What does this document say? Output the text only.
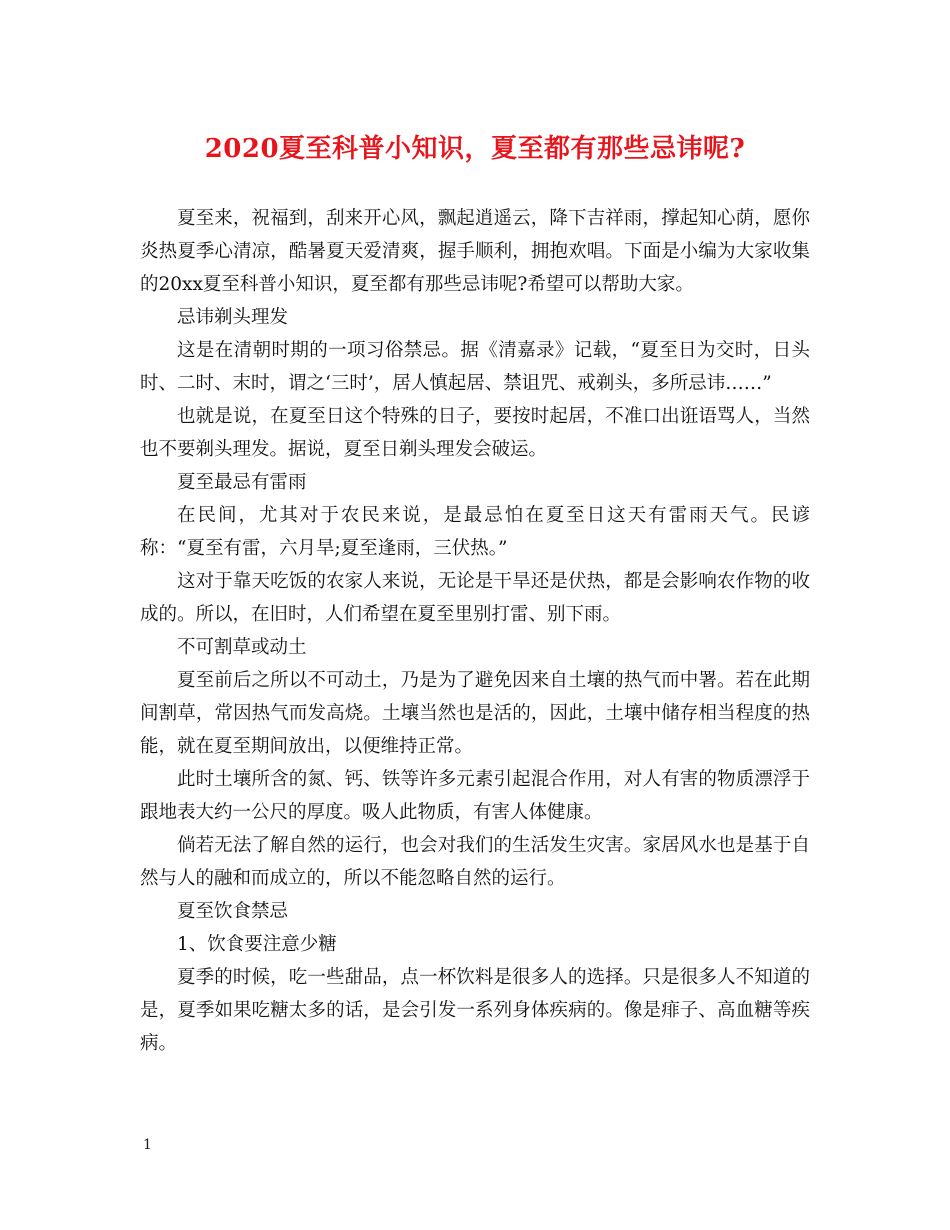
2020夏至科普小知识，夏至都有那些忌讳呢?

夏至来，祝福到，刮来开心风，飘起逍遥云，降下吉祥雨，撑起知心荫，愿你炎热夏季心清凉，酷暑夏天爱清爽，握手顺利，拥抱欢唱。下面是小编为大家收集的20xx夏至科普小知识，夏至都有那些忌讳呢?希望可以帮助大家。

忌讳剃头理发

这是在清朝时期的一项习俗禁忌。据《清嘉录》记载，“夏至日为交时，日头时、二时、末时，谓之‘三时’，居人慎起居、禁诅咒、戒剃头，多所忌讳……”

也就是说，在夏至日这个特殊的日子，要按时起居，不准口出诳语骂人，当然也不要剃头理发。据说，夏至日剃头理发会破运。

夏至最忌有雷雨

在民间，尤其对于农民来说，是最忌怕在夏至日这天有雷雨天气。民谚称：“夏至有雷，六月旱;夏至逢雨，三伏热。”

这对于靠天吃饭的农家人来说，无论是干旱还是伏热，都是会影响农作物的收成的。所以，在旧时，人们希望在夏至里别打雷、别下雨。

不可割草或动土

夏至前后之所以不可动土，乃是为了避免因来自土壤的热气而中署。若在此期间割草，常因热气而发高烧。土壤当然也是活的，因此，土壤中储存相当程度的热能，就在夏至期间放出，以便维持正常。

此时土壤所含的氮、钙、铁等许多元素引起混合作用，对人有害的物质漂浮于跟地表大约一公尺的厚度。吸人此物质，有害人体健康。

倘若无法了解自然的运行，也会对我们的生活发生灾害。家居风水也是基于自然与人的融和而成立的，所以不能忽略自然的运行。

夏至饮食禁忌

1、饮食要注意少糖

夏季的时候，吃一些甜品，点一杯饮料是很多人的选择。只是很多人不知道的是，夏季如果吃糖太多的话，是会引发一系列身体疾病的。像是痱子、高血糖等疾病。

1
